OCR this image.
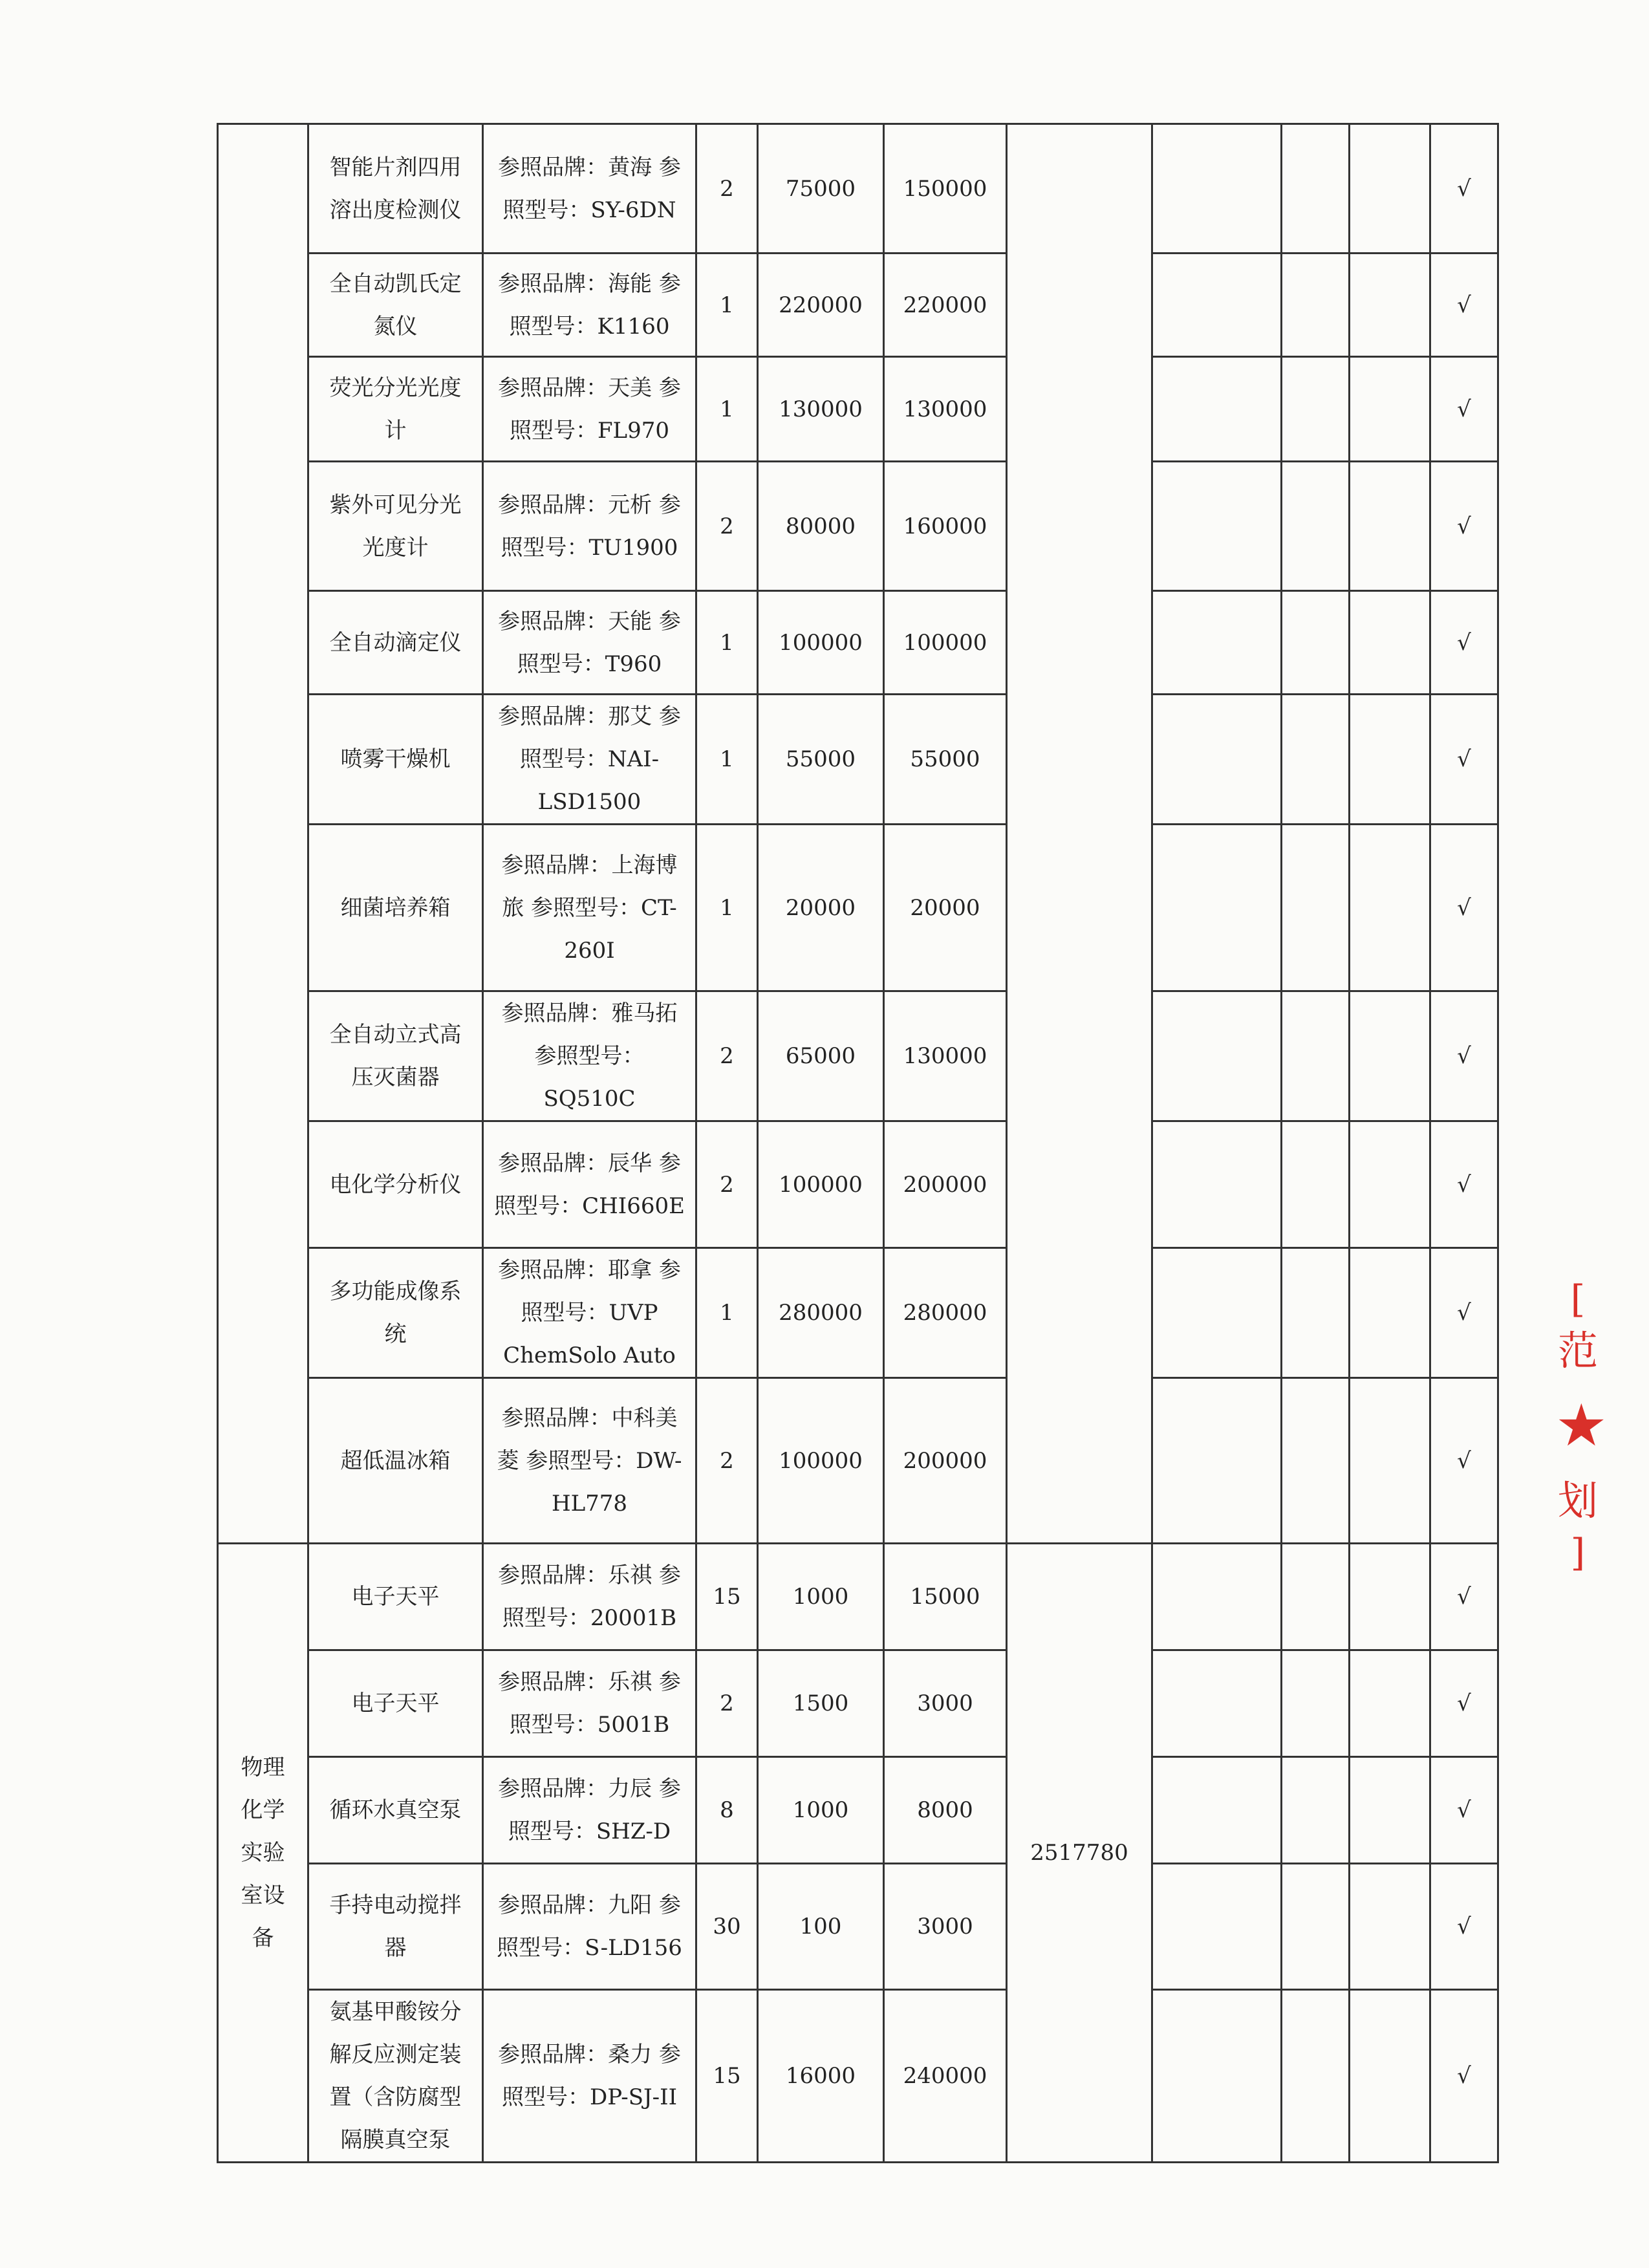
	智能片剂四用溶出度检测仪	参照品牌：黄海 参照型号：SY-6DN	2	75000	150000					√
	全自动凯氏定氮仪	参照品牌：海能 参照型号：K1160	1	220000	220000					√
	荧光分光光度计	参照品牌：天美 参照型号：FL970	1	130000	130000					√
	紫外可见分光光度计	参照品牌：元析 参照型号：TU1900	2	80000	160000					√
	全自动滴定仪	参照品牌：天能 参照型号：T960	1	100000	100000					√
	喷雾干燥机	参照品牌：那艾 参照型号：NAI-LSD1500	1	55000	55000					√
	细菌培养箱	参照品牌：上海博旅 参照型号：CT-260I	1	20000	20000					√
	全自动立式高压灭菌器	参照品牌：雅马拓 参照型号：SQ510C	2	65000	130000					√
	电化学分析仪	参照品牌：辰华 参照型号：CHI660E	2	100000	200000					√
	多功能成像系统	参照品牌：耶拿 参照型号：UVP ChemSolo Auto	1	280000	280000					√
	超低温冰箱	参照品牌：中科美菱 参照型号：DW-HL778	2	100000	200000					√
物理化学实验室设备	电子天平	参照品牌：乐祺 参照型号：20001B	15	1000	15000	2517780				√
	电子天平	参照品牌：乐祺 参照型号：5001B	2	1500	3000					√
	循环水真空泵	参照品牌：力辰 参照型号：SHZ-D	8	1000	8000					√
	手持电动搅拌器	参照品牌：九阳 参照型号：S-LD156	30	100	3000					√
	氨基甲酸铵分解反应测定装置（含防腐型隔膜真空泵	参照品牌：桑力 参照型号：DP-SJ-II	15	16000	240000					√
[
范
★
划
]
